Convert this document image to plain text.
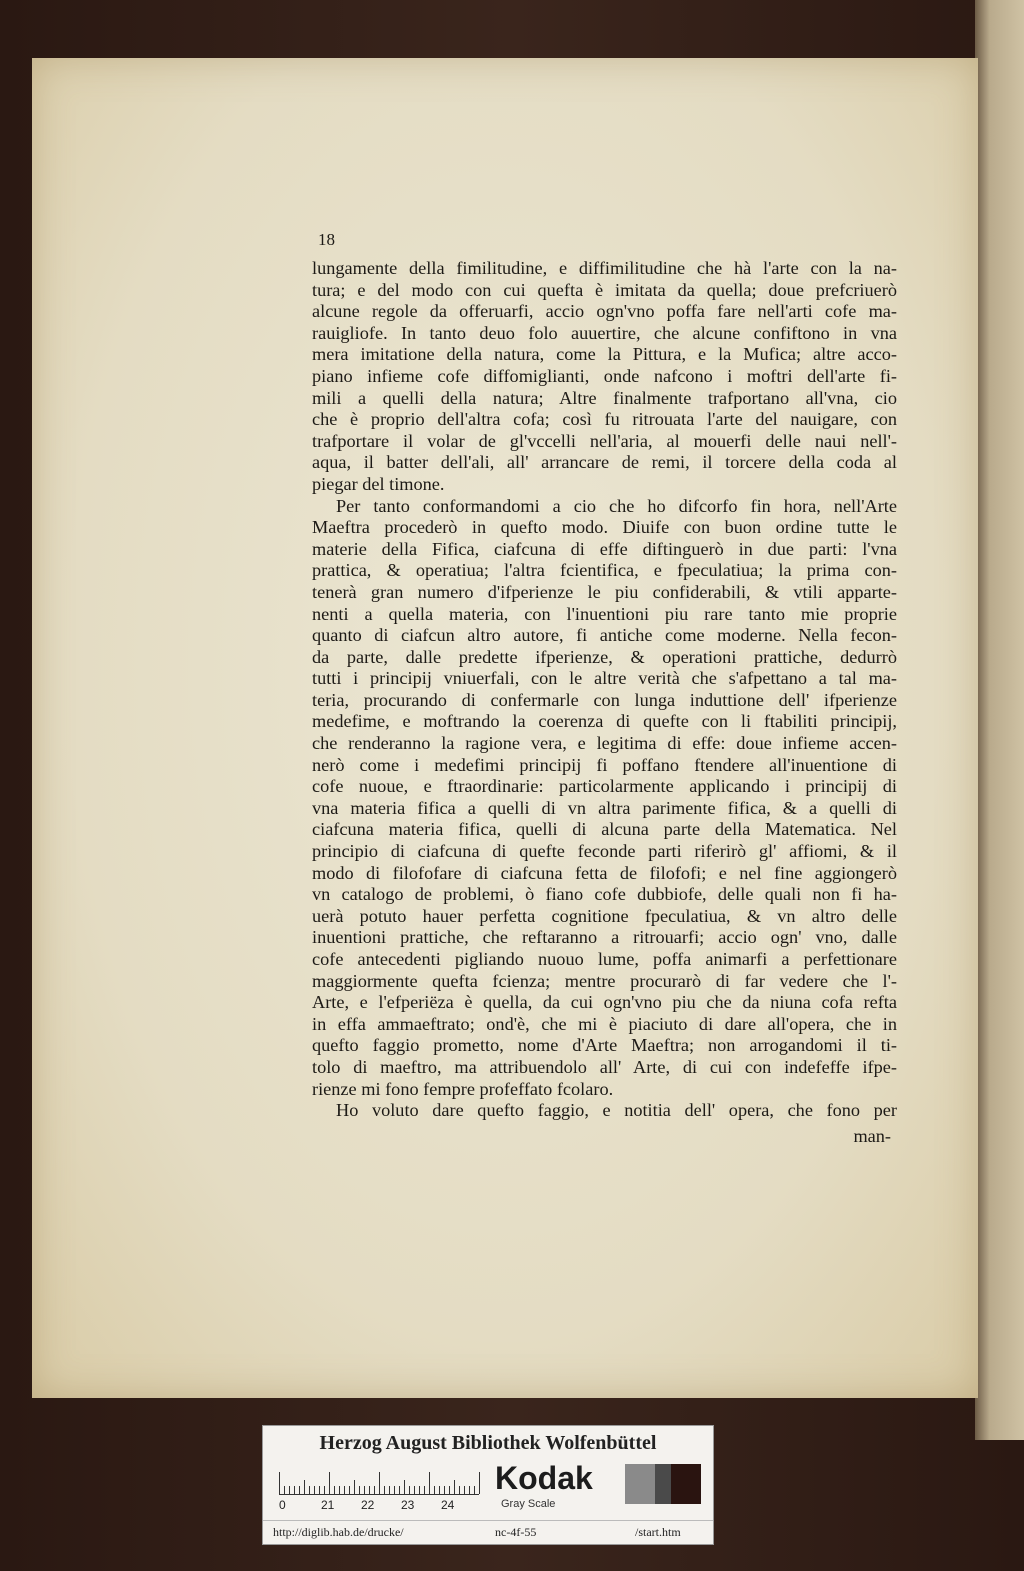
18
lungamente della fimilitudine, e diffimilitudine che hà l'arte con la na-
tura; e del modo con cui quefta è imitata da quella; doue prefcriuerò
alcune regole da offeruarfi, accio ogn'vno poffa fare nell'arti cofe ma-
rauigliofe. In tanto deuo folo auuertire, che alcune confiftono in vna
mera imitatione della natura, come la Pittura, e la Mufica; altre acco-
piano infieme cofe diffomiglianti, onde nafcono i moftri dell'arte fi-
mili a quelli della natura; Altre finalmente trafportano all'vna, cio
che è proprio dell'altra cofa; così fu ritrouata l'arte del nauigare, con
trafportare il volar de gl'vccelli nell'aria, al mouerfi delle naui nell'-
aqua, il batter dell'ali, all' arrancare de remi, il torcere della coda al
piegar del timone.
Per tanto conformandomi a cio che ho difcorfo fin hora, nell'Arte
Maeftra procederò in quefto modo. Diuife con buon ordine tutte le
materie della Fifica, ciafcuna di effe diftinguerò in due parti: l'vna
prattica, & operatiua; l'altra fcientifica, e fpeculatiua; la prima con-
tenerà gran numero d'ifperienze le piu confiderabili, & vtili apparte-
nenti a quella materia, con l'inuentioni piu rare tanto mie proprie
quanto di ciafcun altro autore, fi antiche come moderne. Nella fecon-
da parte, dalle predette ifperienze, & operationi prattiche, dedurrò
tutti i principij vniuerfali, con le altre verità che s'afpettano a tal ma-
teria, procurando di confermarle con lunga induttione dell' ifperienze
medefime, e moftrando la coerenza di quefte con li ftabiliti principij,
che renderanno la ragione vera, e legitima di effe: doue infieme accen-
nerò come i medefimi principij fi poffano ftendere all'inuentione di
cofe nuoue, e ftraordinarie: particolarmente applicando i principij di
vna materia fifica a quelli di vn altra parimente fifica, & a quelli di
ciafcuna materia fifica, quelli di alcuna parte della Matematica. Nel
principio di ciafcuna di quefte feconde parti riferirò gl' affiomi, & il
modo di filofofare di ciafcuna fetta de filofofi; e nel fine aggiongerò
vn catalogo de problemi, ò fiano cofe dubbiofe, delle quali non fi ha-
uerà potuto hauer perfetta cognitione fpeculatiua, & vn altro delle
inuentioni prattiche, che reftaranno a ritrouarfi; accio ogn' vno, dalle
cofe antecedenti pigliando nuouo lume, poffa animarfi a perfettionare
maggiormente quefta fcienza; mentre procurarò di far vedere che l'-
Arte, e l'efperiëza è quella, da cui ogn'vno piu che da niuna cofa refta
in effa ammaeftrato; ond'è, che mi è piaciuto di dare all'opera, che in
quefto faggio prometto, nome d'Arte Maeftra; non arrogandomi il ti-
tolo di maeftro, ma attribuendolo all' Arte, di cui con indefeffe ifpe-
rienze mi fono fempre profeffato fcolaro.
Ho voluto dare quefto faggio, e notitia dell' opera, che fono per
man-
Herzog August Bibliothek Wolfenbüttel
0	21 22 23 24
Kodak
Gray Scale
http://diglib.hab.de/drucke/	nc-4f-55	/start.htm
